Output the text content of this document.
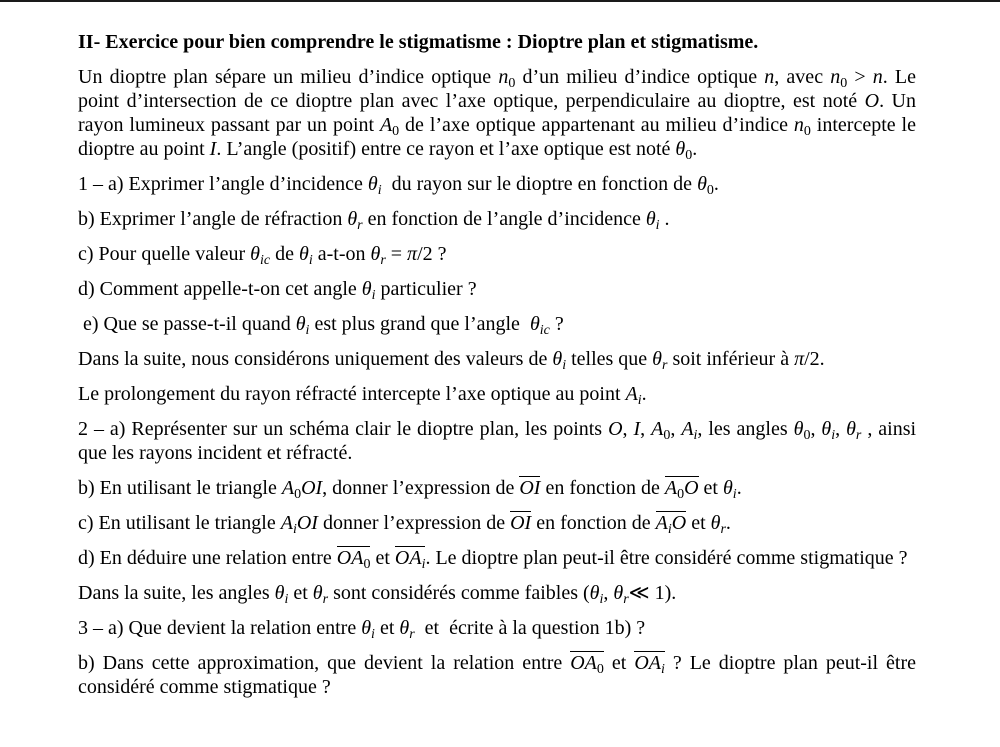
II- Exercice pour bien comprendre le stigmatisme : Dioptre plan et stigmatisme.

Un dioptre plan sépare un milieu d’indice optique $n_0$ d’un milieu d’indice optique n, avec $n_0 > n$. Le point d’intersection de ce dioptre plan avec l’axe optique, perpendiculaire au dioptre, est noté O. Un rayon lumineux passant par un point $A_0$ de l’axe optique appartenant au milieu d’indice $n_0$ intercepte le dioptre au point I. L’angle (positif) entre ce rayon et l’axe optique est noté $\theta_0$.

1 – a) Exprimer l’angle d’incidence $\theta_i$  du rayon sur le dioptre en fonction de $\theta_0$.

b) Exprimer l’angle de réfraction $\theta_r$ en fonction de l’angle d’incidence $\theta_i$ .

c) Pour quelle valeur $\theta_{ic}$ de $\theta_i$ a-t-on $\theta_r = \pi/2$ ?

d) Comment appelle-t-on cet angle $\theta_i$ particulier ?

e) Que se passe-t-il quand $\theta_i$ est plus grand que l’angle  $\theta_{ic}$ ?

Dans la suite, nous considérons uniquement des valeurs de $\theta_i$ telles que $\theta_r$ soit inférieur à π/2.

Le prolongement du rayon réfracté intercepte l’axe optique au point $A_i$.

2 – a) Représenter sur un schéma clair le dioptre plan, les points O, I, $A_0$, $A_i$, les angles $\theta_0$, $\theta_i$, $\theta_r$ , ainsi que les rayons incident et réfracté.

b) En utilisant le triangle $A_0OI$, donner l’expression de OI en fonction de $A_0O$ et $\theta_i$.

c) En utilisant le triangle $A_iOI$ donner l’expression de OI en fonction de $A_iO$ et $\theta_r$.

d) En déduire une relation entre $OA_0$ et $OA_i$. Le dioptre plan peut-il être considéré comme stigmatique ?

Dans la suite, les angles $\theta_i$ et $\theta_r$ sont considérés comme faibles ($\theta_i$, $\theta_r≪$ 1).

3 – a) Que devient la relation entre $\theta_i$ et $\theta_r$  et  écrite à la question 1b) ?

b) Dans cette approximation, que devient la relation entre $OA_0$ et $OA_i$ ? Le dioptre plan peut-il être considéré comme stigmatique ?
